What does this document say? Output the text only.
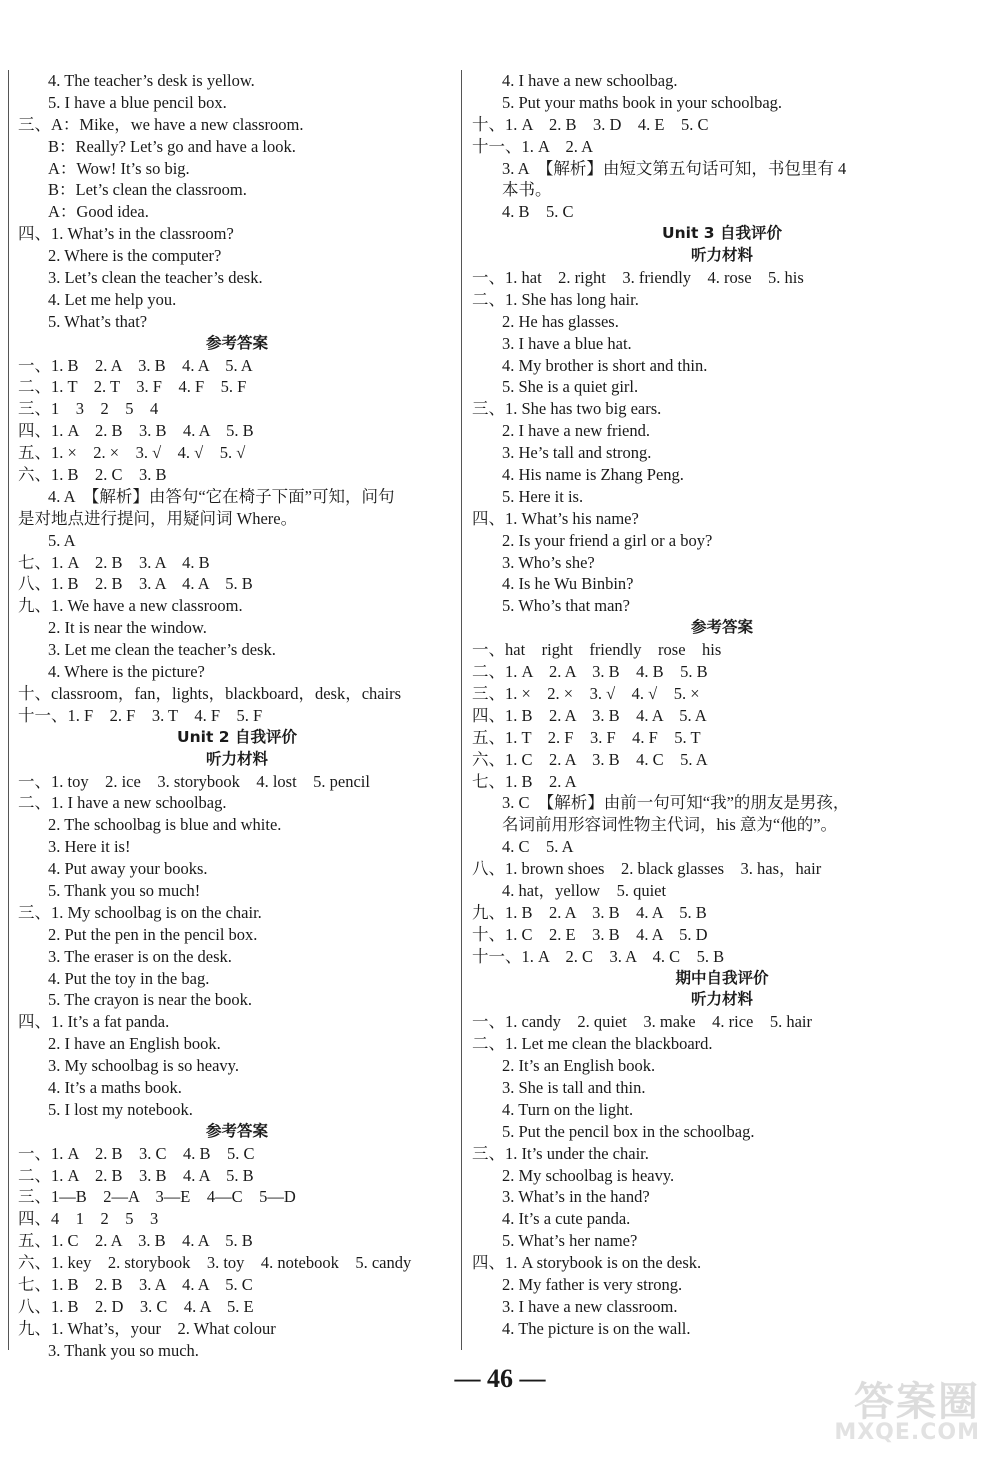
4. The teacher’s desk is yellow.
5. I have a blue pencil box.
三、A：Mike，we have a new classroom.
B：Really? Let’s go and have a look.
A：Wow! It’s so big.
B：Let’s clean the classroom.
A：Good idea.
四、1. What’s in the classroom?
2. Where is the computer?
3. Let’s clean the teacher’s desk.
4. Let me help you.
5. What’s that?
参考答案
一、1. B　2. A　3. B　4. A　5. A
二、1. T　2. T　3. F　4. F　5. F
三、1　3　2　5　4
四、1. A　2. B　3. B　4. A　5. B
五、1. ×　2. ×　3. √　4. √　5. √
六、1. B　2. C　3. B
4. A　【解析】由答句“它在椅子下面”可知，问句
是对地点进行提问，用疑问词 Where。
5. A
七、1. A　2. B　3. A　4. B
八、1. B　2. B　3. A　4. A　5. B
九、1. We have a new classroom.
2. It is near the window.
3. Let me clean the teacher’s desk.
4. Where is the picture?
十、classroom，fan，lights，blackboard，desk，chairs
十一、1. F　2. F　3. T　4. F　5. F
Unit 2 自我评价
听力材料
一、1. toy　2. ice　3. storybook　4. lost　5. pencil
二、1. I have a new schoolbag.
2. The schoolbag is blue and white.
3. Here it is!
4. Put away your books.
5. Thank you so much!
三、1. My schoolbag is on the chair.
2. Put the pen in the pencil box.
3. The eraser is on the desk.
4. Put the toy in the bag.
5. The crayon is near the book.
四、1. It’s a fat panda.
2. I have an English book.
3. My schoolbag is so heavy.
4. It’s a maths book.
5. I lost my notebook.
参考答案
一、1. A　2. B　3. C　4. B　5. C
二、1. A　2. B　3. B　4. A　5. B
三、1—B　2—A　3—E　4—C　5—D
四、4　1　2　5　3
五、1. C　2. A　3. B　4. A　5. B
六、1. key　2. storybook　3. toy　4. notebook　5. candy
七、1. B　2. B　3. A　4. A　5. C
八、1. B　2. D　3. C　4. A　5. E
九、1. What’s，your　2. What colour
3. Thank you so much.
4. I have a new schoolbag.
5. Put your maths book in your schoolbag.
十、1. A　2. B　3. D　4. E　5. C
十一、1. A　2. A
3. A　【解析】由短文第五句话可知，书包里有 4
本书。
4. B　5. C
Unit 3 自我评价
听力材料
一、1. hat　2. right　3. friendly　4. rose　5. his
二、1. She has long hair.
2. He has glasses.
3. I have a blue hat.
4. My brother is short and thin.
5. She is a quiet girl.
三、1. She has two big ears.
2. I have a new friend.
3. He’s tall and strong.
4. His name is Zhang Peng.
5. Here it is.
四、1. What’s his name?
2. Is your friend a girl or a boy?
3. Who’s she?
4. Is he Wu Binbin?
5. Who’s that man?
参考答案
一、hat　right　friendly　rose　his
二、1. A　2. A　3. B　4. B　5. B
三、1. ×　2. ×　3. √　4. √　5. ×
四、1. B　2. A　3. B　4. A　5. A
五、1. T　2. F　3. F　4. F　5. T
六、1. C　2. A　3. B　4. C　5. A
七、1. B　2. A
3. C　【解析】由前一句可知“我”的朋友是男孩，
名词前用形容词性物主代词，his 意为“他的”。
4. C　5. A
八、1. brown shoes　2. black glasses　3. has，hair
4. hat，yellow　5. quiet
九、1. B　2. A　3. B　4. A　5. B
十、1. C　2. E　3. B　4. A　5. D
十一、1. A　2. C　3. A　4. C　5. B
期中自我评价
听力材料
一、1. candy　2. quiet　3. make　4. rice　5. hair
二、1. Let me clean the blackboard.
2. It’s an English book.
3. She is tall and thin.
4. Turn on the light.
5. Put the pencil box in the schoolbag.
三、1. It’s under the chair.
2. My schoolbag is heavy.
3. What’s in the hand?
4. It’s a cute panda.
5. What’s her name?
四、1. A storybook is on the desk.
2. My father is very strong.
3. I have a new classroom.
4. The picture is on the wall.
— 46 —
答案圈
MXQE.COM
